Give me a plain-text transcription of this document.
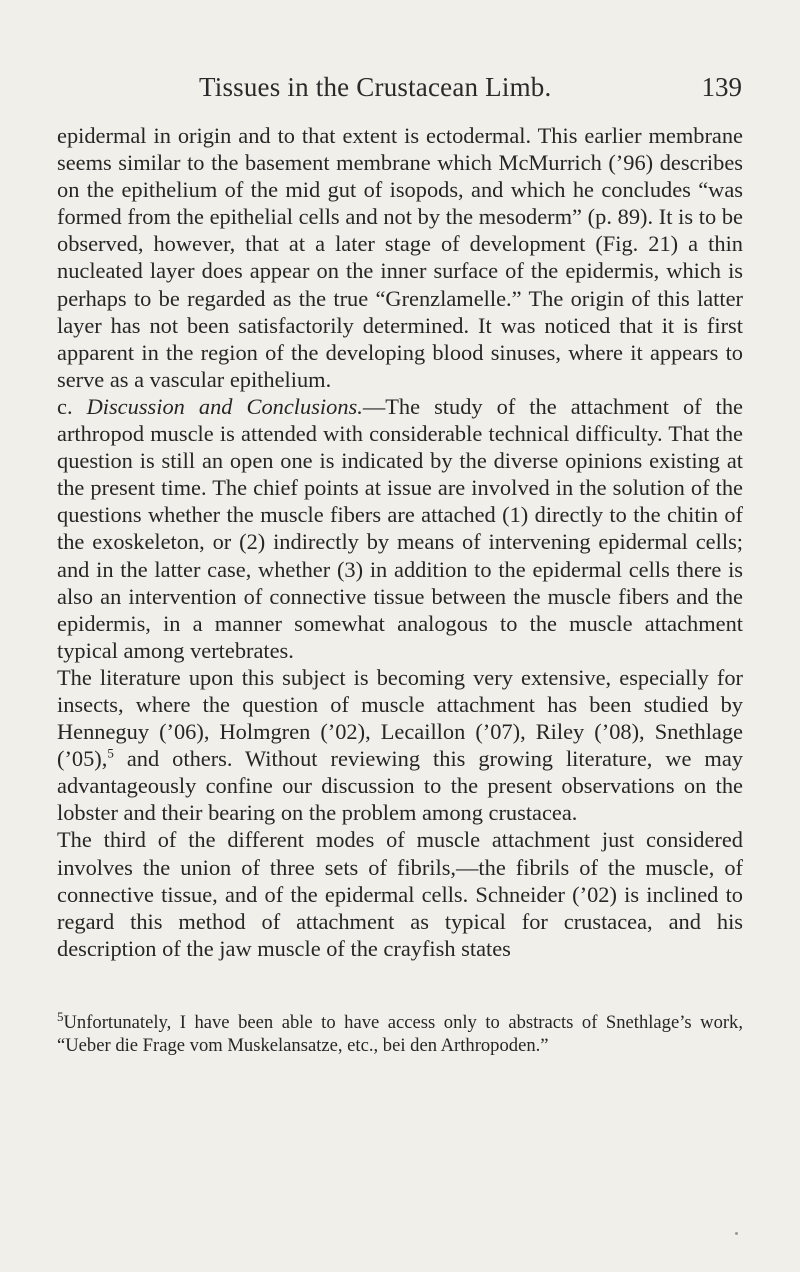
Tissues in the Crustacean Limb.	139

epidermal in origin and to that extent is ectodermal. This earlier membrane seems similar to the basement membrane which McMurrich (’96) describes on the epithelium of the mid gut of isopods, and which he concludes “was formed from the epithelial cells and not by the mesoderm” (p. 89). It is to be observed, however, that at a later stage of development (Fig. 21) a thin nucleated layer does appear on the inner surface of the epidermis, which is perhaps to be regarded as the true “Grenzlamelle.” The origin of this latter layer has not been satisfactorily determined. It was noticed that it is first apparent in the region of the developing blood sinuses, where it appears to serve as a vascular epithelium.

c. Discussion and Conclusions.—The study of the attachment of the arthropod muscle is attended with considerable technical difficulty. That the question is still an open one is indicated by the diverse opinions existing at the present time. The chief points at issue are involved in the solution of the questions whether the muscle fibers are attached (1) directly to the chitin of the exoskeleton, or (2) indirectly by means of intervening epidermal cells; and in the latter case, whether (3) in addition to the epidermal cells there is also an intervention of connective tissue between the muscle fibers and the epidermis, in a manner somewhat analogous to the muscle attachment typical among vertebrates.

The literature upon this subject is becoming very extensive, especially for insects, where the question of muscle attachment has been studied by Henneguy (’06), Holmgren (’02), Lecaillon (’07), Riley (’08), Snethlage (’05),$^5$ and others. Without reviewing this growing literature, we may advantageously confine our discussion to the present observations on the lobster and their bearing on the problem among crustacea.

The third of the different modes of muscle attachment just considered involves the union of three sets of fibrils,—the fibrils of the muscle, of connective tissue, and of the epidermal cells. Schneider (’02) is inclined to regard this method of attachment as typical for crustacea, and his description of the jaw muscle of the crayfish states

$^5$Unfortunately, I have been able to have access only to abstracts of Snethlage’s work, “Ueber die Frage vom Muskelansatze, etc., bei den Arthropoden.”
